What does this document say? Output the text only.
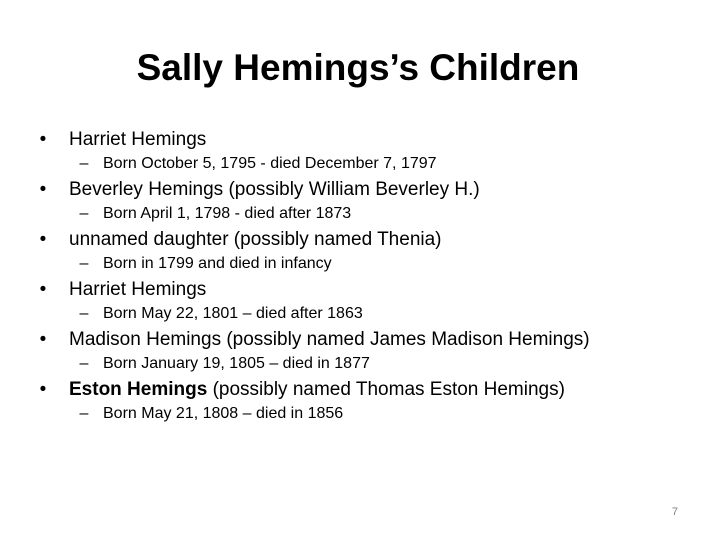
Sally Hemings’s Children
• Harriet Hemings
– Born October 5, 1795 - died December 7, 1797
• Beverley Hemings (possibly William Beverley H.)
– Born April 1, 1798 - died after 1873
• unnamed daughter (possibly named Thenia)
– Born in 1799 and died in infancy
• Harriet Hemings
– Born May 22, 1801 – died after 1863
• Madison Hemings (possibly named James Madison Hemings)
– Born January 19, 1805 – died in 1877
• Eston Hemings (possibly named Thomas Eston Hemings)
– Born May 21, 1808 – died in 1856
7
